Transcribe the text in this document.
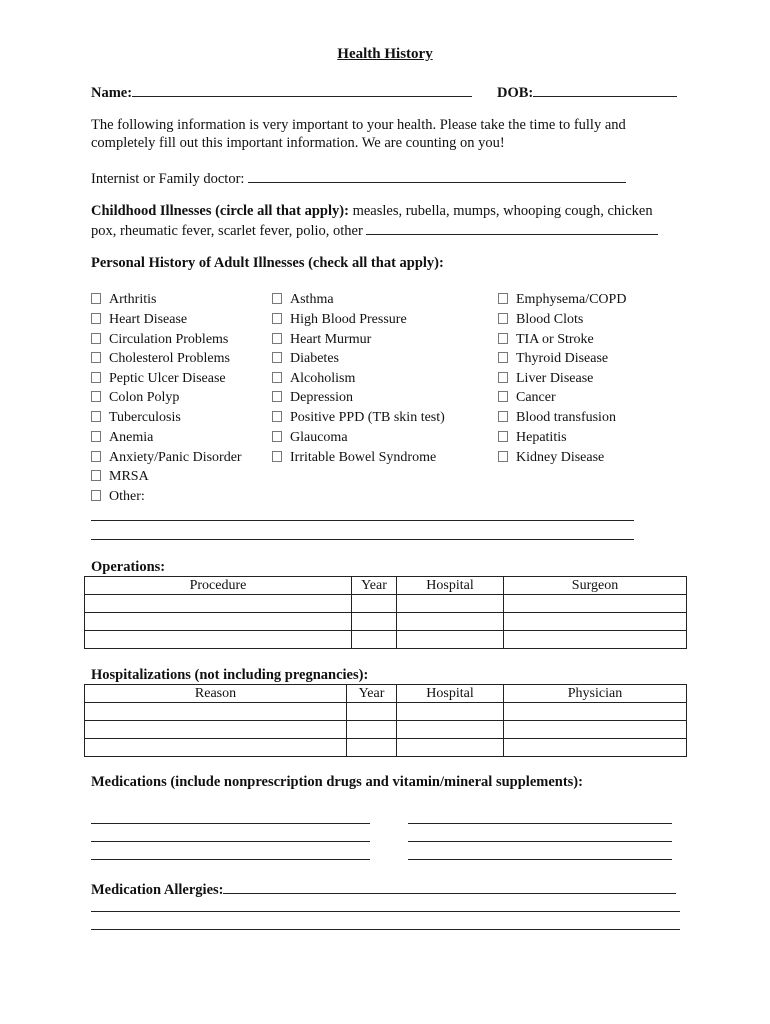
Health History
Name:	DOB:
The following information is very important to your health. Please take the time to fully and completely fill out this important information. We are counting on you!
Internist or Family doctor:
Childhood Illnesses (circle all that apply): measles, rubella, mumps, whooping cough, chicken
pox, rheumatic fever, scarlet fever, polio, other
Personal History of Adult Illnesses (check all that apply):
Arthritis
Heart Disease
Circulation Problems
Cholesterol Problems
Peptic Ulcer Disease
Colon Polyp
Tuberculosis
Anemia
Anxiety/Panic Disorder
MRSA
Other:
Asthma
High Blood Pressure
Heart Murmur
Diabetes
Alcoholism
Depression
Positive PPD (TB skin test)
Glaucoma
Irritable Bowel Syndrome
Emphysema/COPD
Blood Clots
TIA or Stroke
Thyroid Disease
Liver Disease
Cancer
Blood transfusion
Hepatitis
Kidney Disease
Operations:
Procedure	Year	Hospital	Surgeon

Hospitalizations (not including pregnancies):
Reason	Year	Hospital	Physician

Medications (include nonprescription drugs and vitamin/mineral supplements):
Medication Allergies:
